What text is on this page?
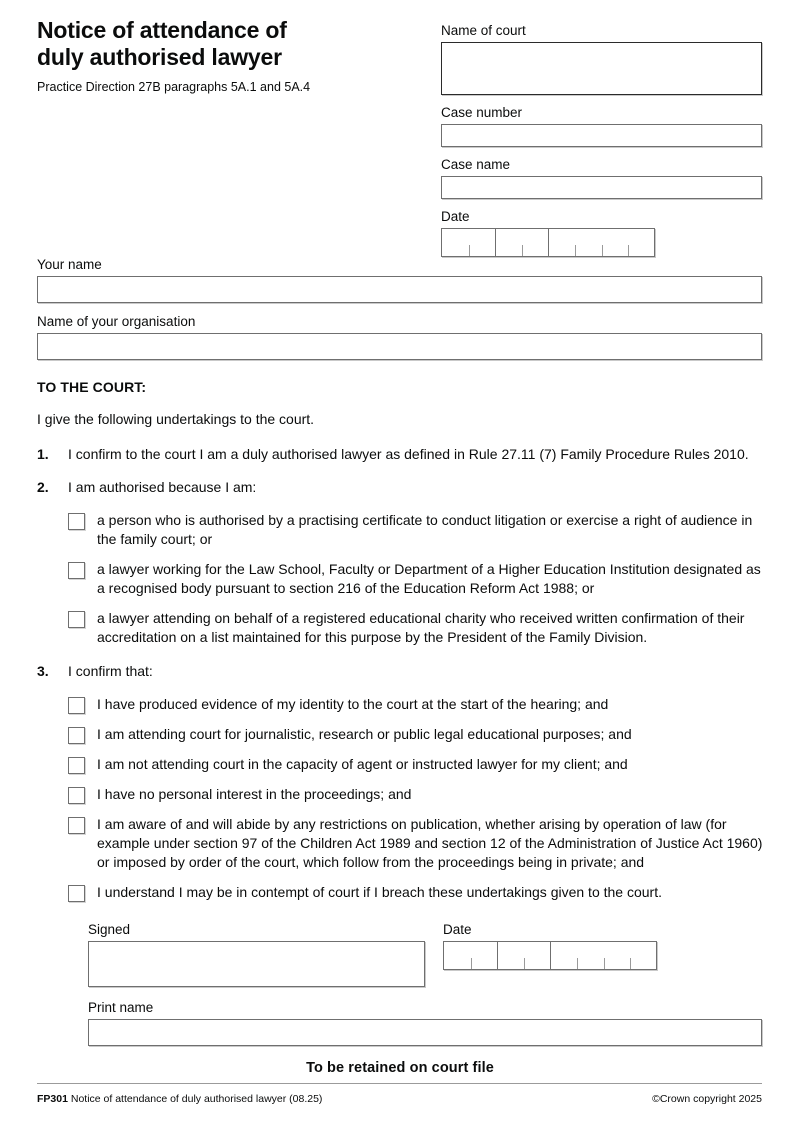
Notice of attendance of
duly authorised lawyer
Practice Direction 27B paragraphs 5A.1 and 5A.4
Name of court
Case number
Case name
Date
Your name
Name of your organisation
TO THE COURT:
I give the following undertakings to the court.
1.	I confirm to the court I am a duly authorised lawyer as defined in Rule 27.11 (7) Family Procedure Rules 2010.
2.	I am authorised because I am:
a person who is authorised by a practising certificate to conduct litigation or exercise a right of audience in the family court; or
a lawyer working for the Law School, Faculty or Department of a Higher Education Institution designated as a recognised body pursuant to section 216 of the Education Reform Act 1988; or
a lawyer attending on behalf of a registered educational charity who received written confirmation of their accreditation on a list maintained for this purpose by the President of the Family Division.
3.	I confirm that:
I have produced evidence of my identity to the court at the start of the hearing; and
I am attending court for journalistic, research or public legal educational purposes; and
I am not attending court in the capacity of agent or instructed lawyer for my client; and
I have no personal interest in the proceedings; and
I am aware of and will abide by any restrictions on publication, whether arising by operation of law (for example under section 97 of the Children Act 1989 and section 12 of the Administration of Justice Act 1960) or imposed by order of the court, which follow from the proceedings being in private; and
I understand I may be in contempt of court if I breach these undertakings given to the court.
Signed	Date
Print name
To be retained on court file
FP301 Notice of attendance of duly authorised lawyer (08.25)	©Crown copyright 2025
